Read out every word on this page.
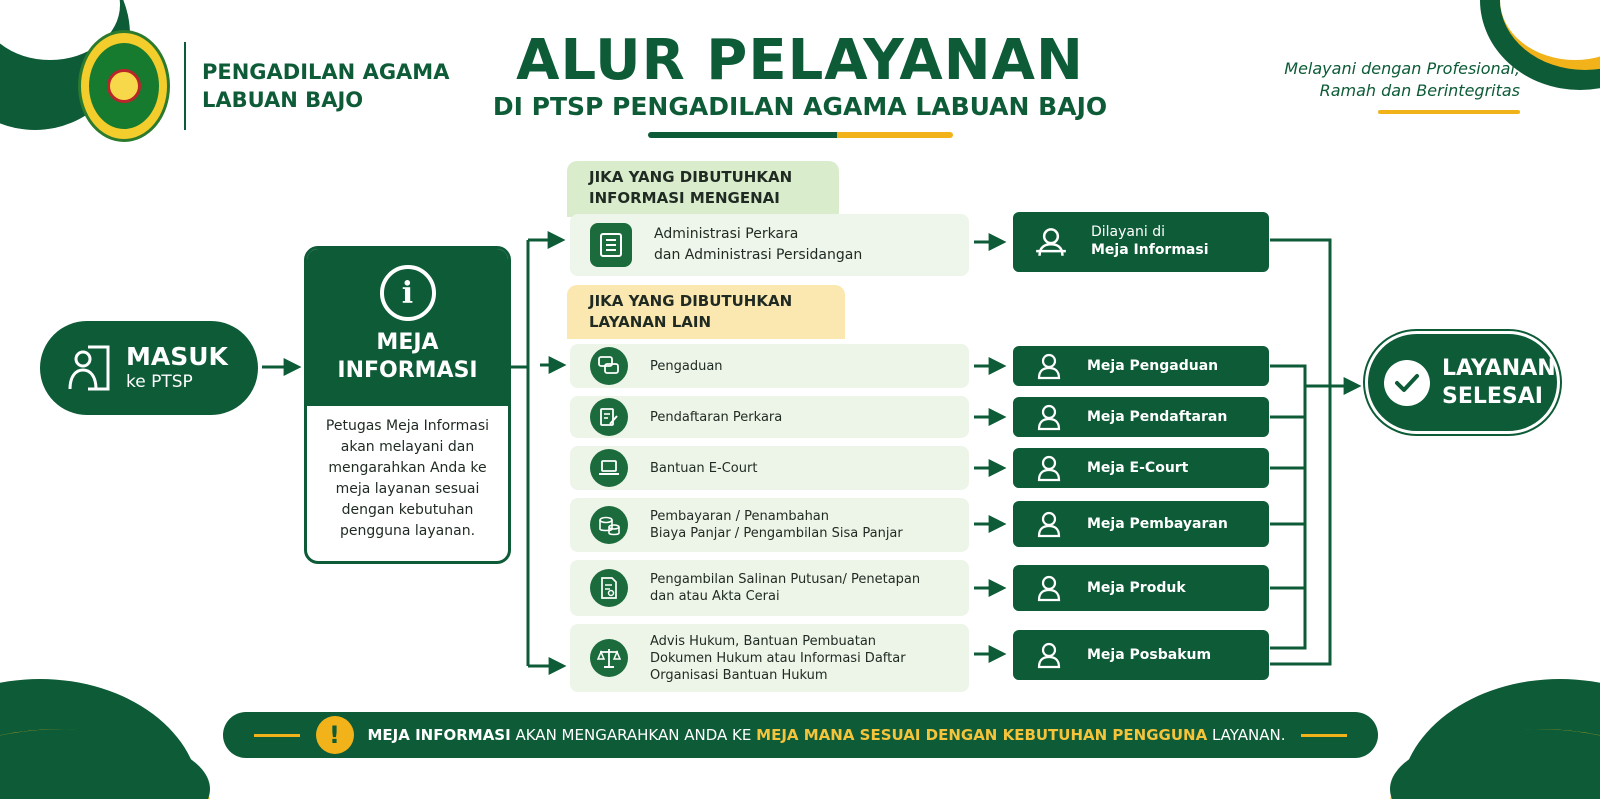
PENGADILAN AGAMA
LABUAN BAJO
ALUR PELAYANAN
DI PTSP PENGADILAN AGAMA LABUAN BAJO
Melayani dengan Profesional,
Ramah dan Berintegritas
MASUK
ke PTSP
i
MEJA
INFORMASI
Petugas Meja Informasi akan melayani dan mengarahkan Anda ke meja layanan sesuai dengan kebutuhan pengguna layanan.
JIKA YANG DIBUTUHKAN
INFORMASI MENGENAI
JIKA YANG DIBUTUHKAN
LAYANAN LAIN
Administrasi Perkara
dan Administrasi Persidangan
Pengaduan
Pendaftaran Perkara
Bantuan E-Court
Pembayaran / Penambahan
Biaya Panjar / Pengambilan Sisa Panjar
Pengambilan Salinan Putusan/ Penetapan
dan atau Akta Cerai
Advis Hukum, Bantuan Pembuatan
Dokumen Hukum atau Informasi Daftar
Organisasi Bantuan Hukum
Dilayani di
Meja Informasi
Meja Pengaduan
Meja Pendaftaran
Meja E-Court
Meja Pembayaran
Meja Produk
Meja Posbakum
LAYANAN
SELESAI
!	MEJA INFORMASI AKAN MENGARAHKAN ANDA KE MEJA MANA SESUAI DENGAN KEBUTUHAN PENGGUNA LAYANAN.
